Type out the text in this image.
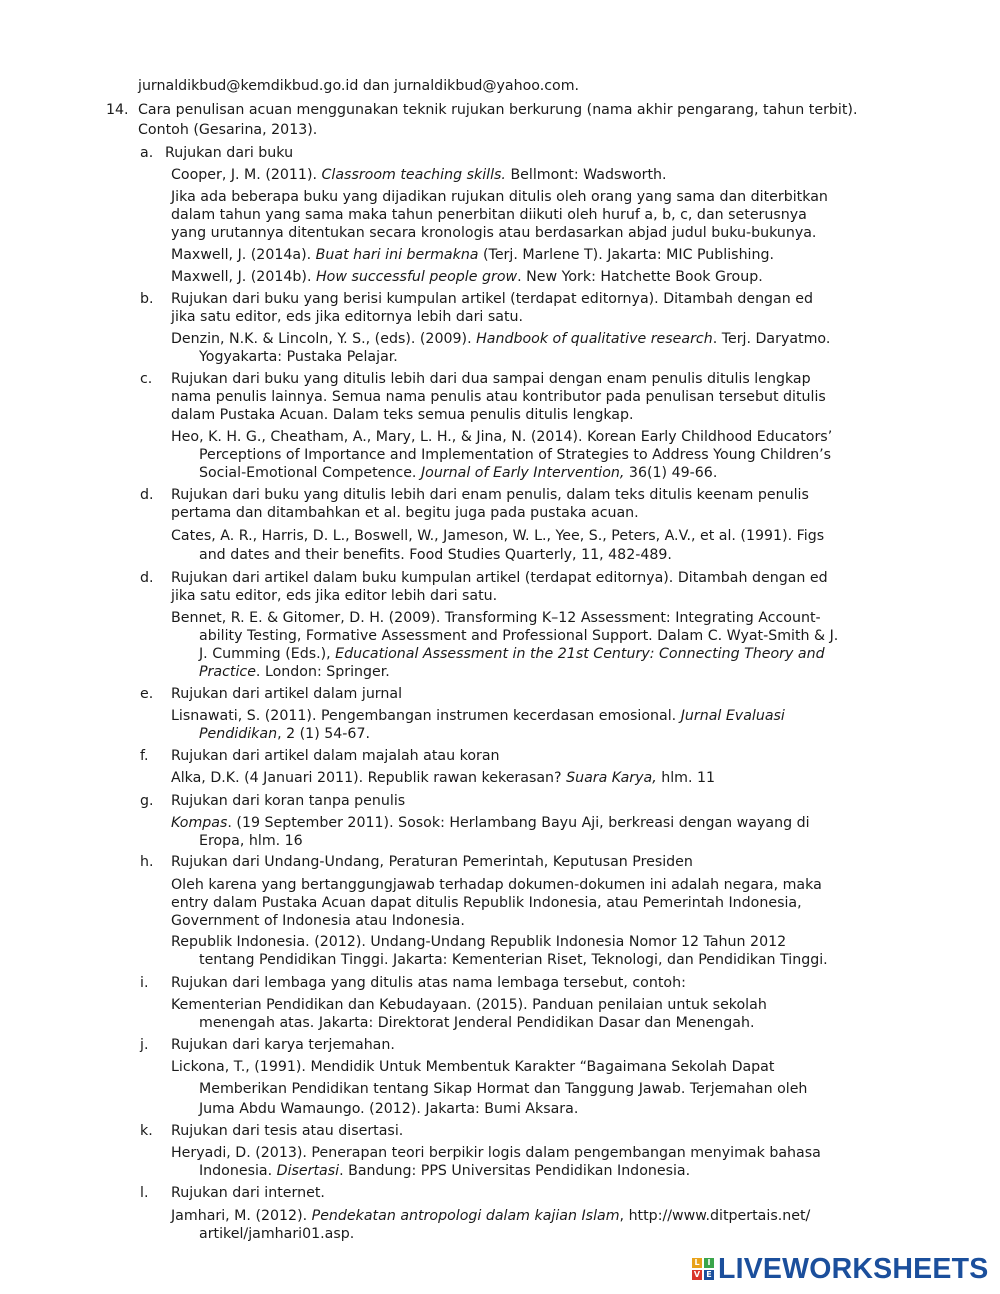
jurnaldikbud@kemdikbud.go.id dan jurnaldikbud@yahoo.com.
14. Cara penulisan acuan menggunakan teknik rujukan berkurung (nama akhir pengarang, tahun terbit).
Contoh (Gesarina, 2013).
a. Rujukan dari buku
Cooper, J. M. (2011). Classroom teaching skills. Bellmont: Wadsworth.
Jika ada beberapa buku yang dijadikan rujukan ditulis oleh orang yang sama dan diterbitkan
dalam tahun yang sama maka tahun penerbitan diikuti oleh huruf a, b, c, dan seterusnya
yang urutannya ditentukan secara kronologis atau berdasarkan abjad judul buku-bukunya.
Maxwell, J. (2014a). Buat hari ini bermakna (Terj. Marlene T). Jakarta: MIC Publishing.
Maxwell, J. (2014b). How successful people grow. New York: Hatchette Book Group.
b. Rujukan dari buku yang berisi kumpulan artikel (terdapat editornya). Ditambah dengan ed
jika satu editor, eds jika editornya lebih dari satu.
Denzin, N.K. & Lincoln, Y. S., (eds). (2009). Handbook of qualitative research. Terj. Daryatmo.
Yogyakarta: Pustaka Pelajar.
c. Rujukan dari buku yang ditulis lebih dari dua sampai dengan enam penulis ditulis lengkap
nama penulis lainnya. Semua nama penulis atau kontributor pada penulisan tersebut ditulis
dalam Pustaka Acuan. Dalam teks semua penulis ditulis lengkap.
Heo, K. H. G., Cheatham, A., Mary, L. H., & Jina, N. (2014). Korean Early Childhood Educators’
Perceptions of Importance and Implementation of Strategies to Address Young Children’s
Social-Emotional Competence. Journal of Early Intervention, 36(1) 49-66.
d. Rujukan dari buku yang ditulis lebih dari enam penulis, dalam teks ditulis keenam penulis
pertama dan ditambahkan et al. begitu juga pada pustaka acuan.
Cates, A. R., Harris, D. L., Boswell, W., Jameson, W. L., Yee, S., Peters, A.V., et al. (1991). Figs
and dates and their benefits. Food Studies Quarterly, 11, 482-489.
d. Rujukan dari artikel dalam buku kumpulan artikel (terdapat editornya). Ditambah dengan ed
jika satu editor, eds jika editor lebih dari satu.
Bennet, R. E. & Gitomer, D. H. (2009). Transforming K–12 Assessment: Integrating Account-
ability Testing, Formative Assessment and Professional Support. Dalam C. Wyat-Smith & J.
J. Cumming (Eds.), Educational Assessment in the 21st Century: Connecting Theory and
Practice. London: Springer.
e. Rujukan dari artikel dalam jurnal
Lisnawati, S. (2011). Pengembangan instrumen kecerdasan emosional. Jurnal Evaluasi
Pendidikan, 2 (1) 54-67.
f. Rujukan dari artikel dalam majalah atau koran
Alka, D.K. (4 Januari 2011). Republik rawan kekerasan? Suara Karya, hlm. 11
g. Rujukan dari koran tanpa penulis
Kompas. (19 September 2011). Sosok: Herlambang Bayu Aji, berkreasi dengan wayang di
Eropa, hlm. 16
h. Rujukan dari Undang-Undang, Peraturan Pemerintah, Keputusan Presiden
Oleh karena yang bertanggungjawab terhadap dokumen-dokumen ini adalah negara, maka
entry dalam Pustaka Acuan dapat ditulis Republik Indonesia, atau Pemerintah Indonesia,
Government of Indonesia atau Indonesia.
Republik Indonesia. (2012). Undang-Undang Republik Indonesia Nomor 12 Tahun 2012
tentang Pendidikan Tinggi. Jakarta: Kementerian Riset, Teknologi, dan Pendidikan Tinggi.
i. Rujukan dari lembaga yang ditulis atas nama lembaga tersebut, contoh:
Kementerian Pendidikan dan Kebudayaan. (2015). Panduan penilaian untuk sekolah
menengah atas. Jakarta: Direktorat Jenderal Pendidikan Dasar dan Menengah.
j. Rujukan dari karya terjemahan.
Lickona, T., (1991). Mendidik Untuk Membentuk Karakter “Bagaimana Sekolah Dapat
Memberikan Pendidikan tentang Sikap Hormat dan Tanggung Jawab. Terjemahan oleh
Juma Abdu Wamaungo. (2012). Jakarta: Bumi Aksara.
k. Rujukan dari tesis atau disertasi.
Heryadi, D. (2013). Penerapan teori berpikir logis dalam pengembangan menyimak bahasa
Indonesia. Disertasi. Bandung: PPS Universitas Pendidikan Indonesia.
l. Rujukan dari internet.
Jamhari, M. (2012). Pendekatan antropologi dalam kajian Islam, http://www.ditpertais.net/
artikel/jamhari01.asp.
L I
V E LIVEWORKSHEETS
